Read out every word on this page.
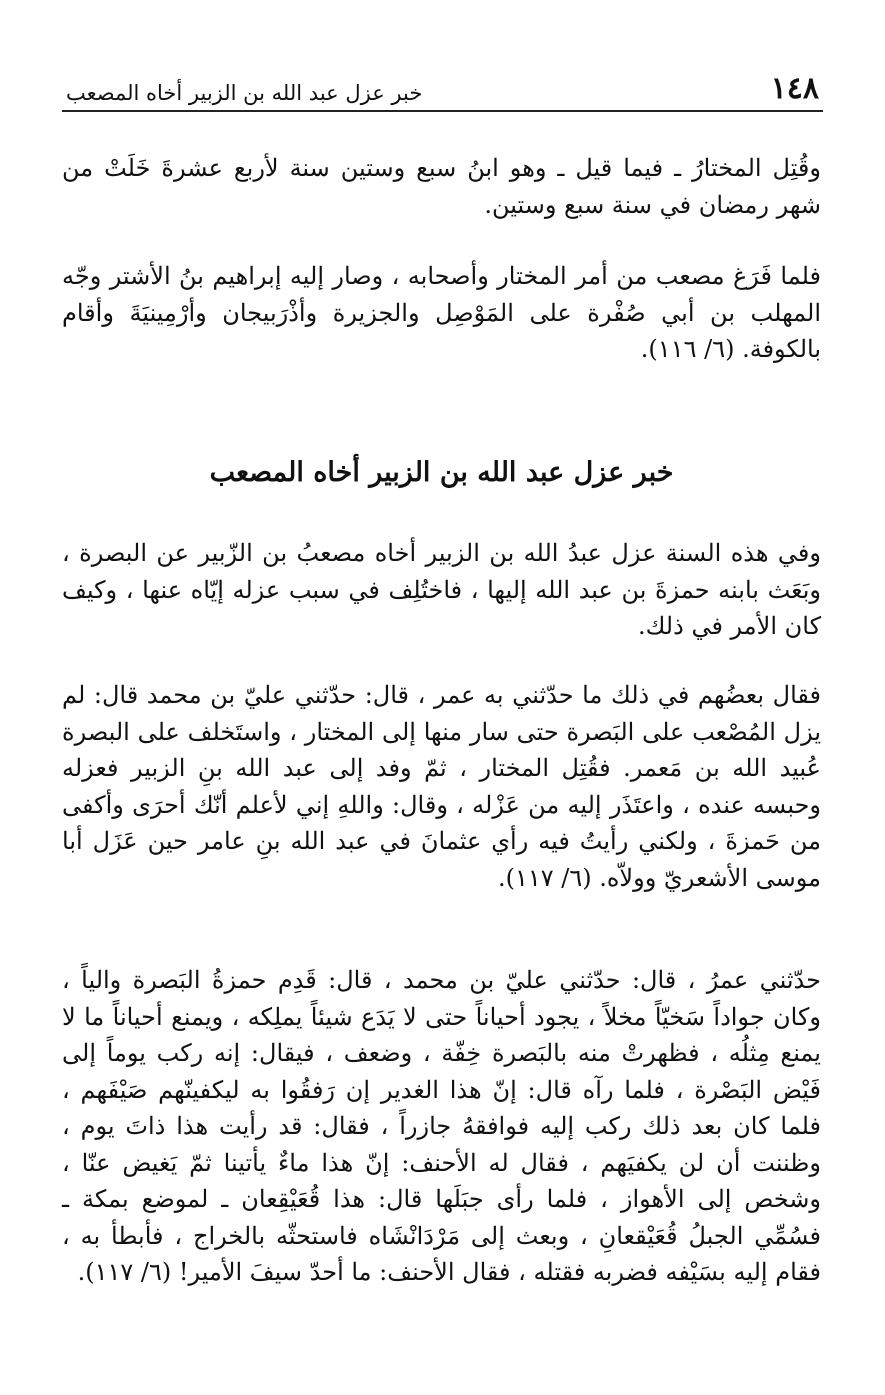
١٤٨
خبر عزل عبد الله بن الزبير أخاه المصعب

وقُتِل المختارُ ـ فيما قيل ـ وهو ابنُ سبع وستين سنة لأربع عشرةَ خَلَتْ من شهر رمضان في سنة سبع وستين.

فلما فَرَغ مصعب من أمر المختار وأصحابه ، وصار إليه إبراهيم بنُ الأشتر وجّه المهلب بن أبي صُفْرة على المَوْصِل والجزيرة وأذْرَبيجان وأرْمِينيَةَ وأقام بالكوفة. (٦/ ١١٦).

خبر عزل عبد الله بن الزبير أخاه المصعب

وفي هذه السنة عزل عبدُ الله بن الزبير أخاه مصعبُ بن الزّبير عن البصرة ، وبَعَث بابنه حمزةَ بن عبد الله إليها ، فاختُلِف في سبب عزله إيّاه عنها ، وكيف كان الأمر في ذلك.

فقال بعضُهم في ذلك ما حدّثني به عمر ، قال: حدّثني عليّ بن محمد قال: لم يزل المُصْعب على البَصرة حتى سار منها إلى المختار ، واستَخلف على البصرة عُبيد الله بن مَعمر. فقُتِل المختار ، ثمّ وفد إلى عبد الله بنِ الزبير فعزله وحبسه عنده ، واعتَذَر إليه من عَزْله ، وقال: واللهِ إني لأعلم أنّك أحرَى وأكفى من حَمزةَ ، ولكني رأيتُ فيه رأي عثمانَ في عبد الله بنِ عامر حين عَزَل أبا موسى الأشعريّ وولاّه. (٦/ ١١٧).

حدّثني عمرُ ، قال: حدّثني عليّ بن محمد ، قال: قَدِم حمزةُ البَصرة والياً ، وكان جواداً سَخيّاً مخلاً ، يجود أحياناً حتى لا يَدَع شيئاً يملِكه ، ويمنع أحياناً ما لا يمنع مِثلُه ، فظهرتْ منه بالبَصرة خِفّة ، وضعف ، فيقال: إنه ركب يوماً إلى فَيْض البَصْرة ، فلما رآه قال: إنّ هذا الغدير إن رَفقُوا به ليكفينّهم صَيْفَهم ، فلما كان بعد ذلك ركب إليه فوافقهُ جازراً ، فقال: قد رأيت هذا ذاتَ يوم ، وظننت أن لن يكفيَهم ، فقال له الأحنف: إنّ هذا ماءٌ يأتينا ثمّ يَغيض عنّا ، وشخص إلى الأهواز ، فلما رأى جبَلَها قال: هذا قُعَيْقِعان ـ لموضع بمكة ـ فسُمِّي الجبلُ قُعَيْقعانِ ، وبعث إلى مَرْدَانْشَاه فاستحثّه بالخراج ، فأبطأ به ، فقام إليه بسَيْفه فضربه فقتله ، فقال الأحنف: ما أحدّ سيفَ الأمير! (٦/ ١١٧).
